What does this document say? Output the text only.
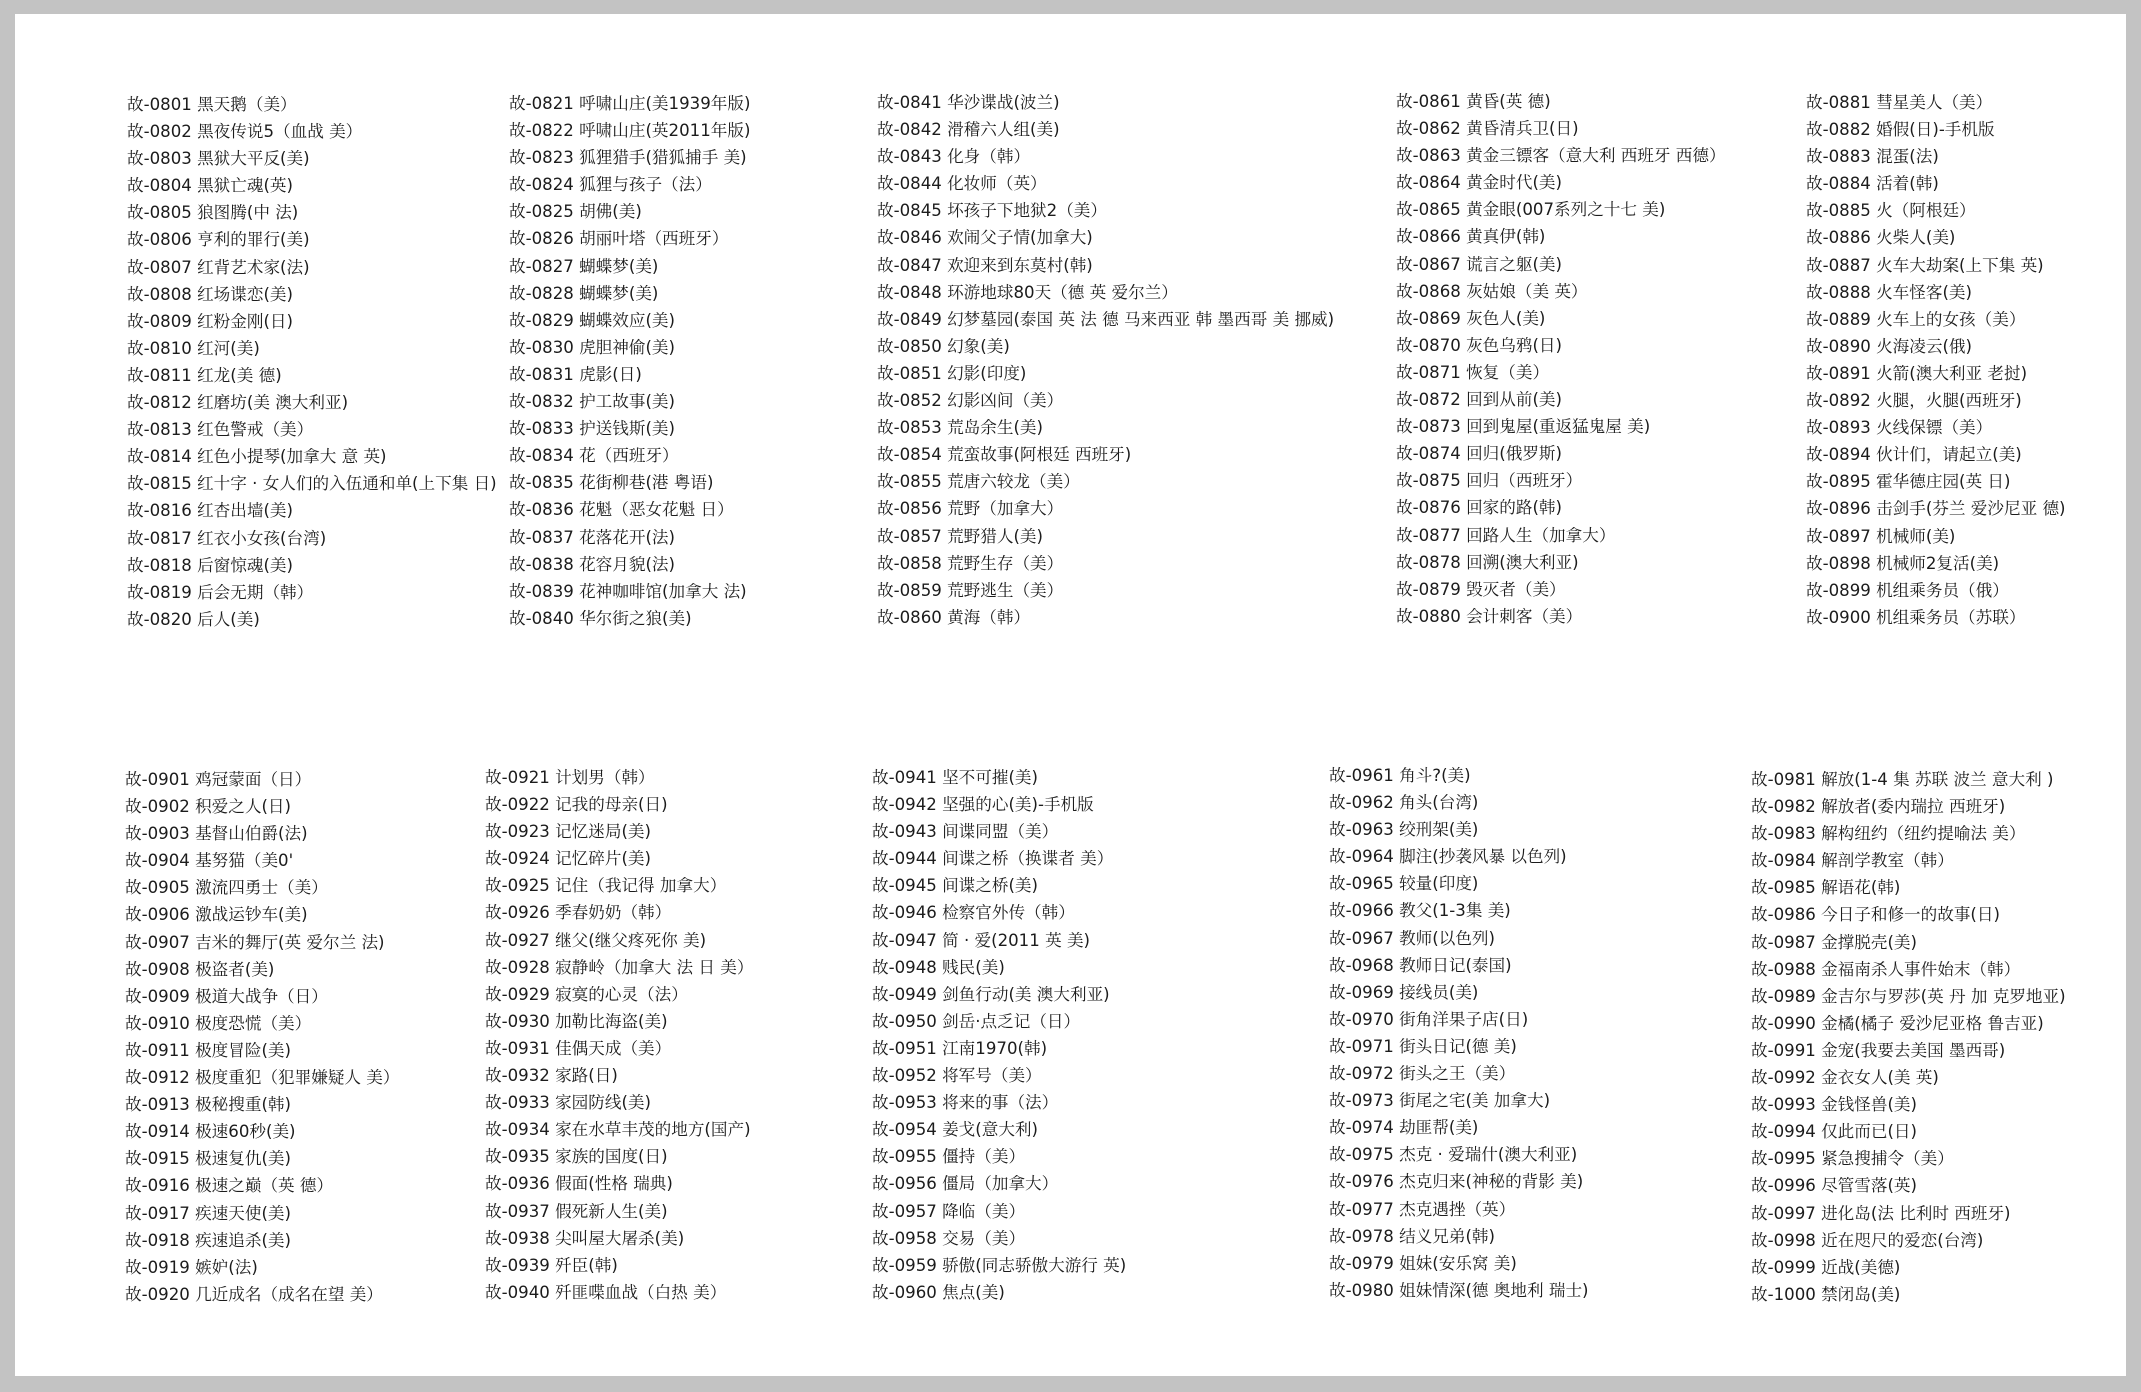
故-0801 黑天鹅（美）
故-0802 黑夜传说5（血战 美）
故-0803 黑狱大平反(美)
故-0804 黑狱亡魂(英)
故-0805 狼图腾(中 法)
故-0806 亨利的罪行(美)
故-0807 红背艺术家(法)
故-0808 红场谍恋(美)
故-0809 红粉金刚(日)
故-0810 红河(美)
故-0811 红龙(美 德)
故-0812 红磨坊(美 澳大利亚)
故-0813 红色警戒（美）
故-0814 红色小提琴(加拿大 意 英)
故-0815 红十字 · 女人们的入伍通和单(上下集 日)
故-0816 红杏出墙(美)
故-0817 红衣小女孩(台湾)
故-0818 后窗惊魂(美)
故-0819 后会无期（韩）
故-0820 后人(美)
故-0821 呼啸山庄(美1939年版)
故-0822 呼啸山庄(英2011年版)
故-0823 狐狸猎手(猎狐捕手 美)
故-0824 狐狸与孩子（法）
故-0825 胡佛(美)
故-0826 胡丽叶塔（西班牙）
故-0827 蝴蝶梦(美)
故-0828 蝴蝶梦(美)
故-0829 蝴蝶效应(美)
故-0830 虎胆神偷(美)
故-0831 虎影(日)
故-0832 护工故事(美)
故-0833 护送钱斯(美)
故-0834 花（西班牙）
故-0835 花街柳巷(港 粤语)
故-0836 花魁（恶女花魁 日）
故-0837 花落花开(法)
故-0838 花容月貌(法)
故-0839 花神咖啡馆(加拿大 法)
故-0840 华尔街之狼(美)
故-0841 华沙谍战(波兰)
故-0842 滑稽六人组(美)
故-0843 化身（韩）
故-0844 化妆师（英）
故-0845 坏孩子下地狱2（美）
故-0846 欢闹父子情(加拿大)
故-0847 欢迎来到东莫村(韩)
故-0848 环游地球80天（德 英 爱尔兰）
故-0849 幻梦墓园(泰国 英 法 德 马来西亚 韩 墨西哥 美 挪威)
故-0850 幻象(美)
故-0851 幻影(印度)
故-0852 幻影凶间（美）
故-0853 荒岛余生(美)
故-0854 荒蛮故事(阿根廷 西班牙)
故-0855 荒唐六较龙（美）
故-0856 荒野（加拿大）
故-0857 荒野猎人(美)
故-0858 荒野生存（美）
故-0859 荒野逃生（美）
故-0860 黄海（韩）
故-0861 黄昏(英 德)
故-0862 黄昏清兵卫(日)
故-0863 黄金三镖客（意大利 西班牙 西德）
故-0864 黄金时代(美)
故-0865 黄金眼(007系列之十七 美)
故-0866 黄真伊(韩)
故-0867 谎言之躯(美)
故-0868 灰姑娘（美 英）
故-0869 灰色人(美)
故-0870 灰色乌鸦(日)
故-0871 恢复（美）
故-0872 回到从前(美)
故-0873 回到鬼屋(重返猛鬼屋 美)
故-0874 回归(俄罗斯)
故-0875 回归（西班牙）
故-0876 回家的路(韩)
故-0877 回路人生（加拿大）
故-0878 回溯(澳大利亚)
故-0879 毁灭者（美）
故-0880 会计刺客（美）
故-0881 彗星美人（美）
故-0882 婚假(日)-手机版
故-0883 混蛋(法)
故-0884 活着(韩)
故-0885 火（阿根廷）
故-0886 火柴人(美)
故-0887 火车大劫案(上下集 英)
故-0888 火车怪客(美)
故-0889 火车上的女孩（美）
故-0890 火海凌云(俄)
故-0891 火箭(澳大利亚 老挝)
故-0892 火腿，火腿(西班牙)
故-0893 火线保镖（美）
故-0894 伙计们，请起立(美)
故-0895 霍华德庄园(英 日)
故-0896 击剑手(芬兰 爱沙尼亚 德)
故-0897 机械师(美)
故-0898 机械师2复活(美)
故-0899 机组乘务员（俄）
故-0900 机组乘务员（苏联）
故-0901 鸡冠蒙面（日）
故-0902 积爱之人(日)
故-0903 基督山伯爵(法)
故-0904 基努猫（美0'
故-0905 激流四勇士（美）
故-0906 激战运钞车(美)
故-0907 吉米的舞厅(英 爱尔兰 法)
故-0908 极盗者(美)
故-0909 极道大战争（日）
故-0910 极度恐慌（美）
故-0911 极度冒险(美)
故-0912 极度重犯（犯罪嫌疑人 美）
故-0913 极秘搜重(韩)
故-0914 极速60秒(美)
故-0915 极速复仇(美)
故-0916 极速之巅（英 德）
故-0917 疾速天使(美)
故-0918 疾速追杀(美)
故-0919 嫉妒(法)
故-0920 几近成名（成名在望 美）
故-0921 计划男（韩）
故-0922 记我的母亲(日)
故-0923 记忆迷局(美)
故-0924 记忆碎片(美)
故-0925 记住（我记得 加拿大）
故-0926 季春奶奶（韩）
故-0927 继父(继父疼死你 美)
故-0928 寂静岭（加拿大 法 日 美）
故-0929 寂寞的心灵（法）
故-0930 加勒比海盗(美)
故-0931 佳偶天成（美）
故-0932 家路(日)
故-0933 家园防线(美)
故-0934 家在水草丰茂的地方(国产)
故-0935 家族的国度(日)
故-0936 假面(性格 瑞典)
故-0937 假死新人生(美)
故-0938 尖叫屋大屠杀(美)
故-0939 歼臣(韩)
故-0940 歼匪喋血战（白热 美）
故-0941 坚不可摧(美)
故-0942 坚强的心(美)-手机版
故-0943 间谍同盟（美）
故-0944 间谍之桥（换谍者 美）
故-0945 间谍之桥(美)
故-0946 检察官外传（韩）
故-0947 简 · 爱(2011 英 美)
故-0948 贱民(美)
故-0949 剑鱼行动(美 澳大利亚)
故-0950 剑岳·点乏记（日）
故-0951 江南1970(韩)
故-0952 将军号（美）
故-0953 将来的事（法）
故-0954 姜戈(意大利)
故-0955 僵持（美）
故-0956 僵局（加拿大）
故-0957 降临（美）
故-0958 交易（美）
故-0959 骄傲(同志骄傲大游行 英)
故-0960 焦点(美)
故-0961 角斗?(美)
故-0962 角头(台湾)
故-0963 绞刑架(美)
故-0964 脚注(抄袭风暴 以色列)
故-0965 较量(印度)
故-0966 教父(1-3集 美)
故-0967 教师(以色列)
故-0968 教师日记(泰国)
故-0969 接线员(美)
故-0970 街角洋果子店(日)
故-0971 街头日记(德 美)
故-0972 街头之王（美）
故-0973 街尾之宅(美 加拿大)
故-0974 劫匪帮(美)
故-0975 杰克 · 爱瑞什(澳大利亚)
故-0976 杰克归来(神秘的背影 美)
故-0977 杰克遇挫（英）
故-0978 结义兄弟(韩)
故-0979 姐妹(安乐窝 美)
故-0980 姐妹情深(德 奥地利 瑞士)
故-0981 解放(1-4 集 苏联 波兰 意大利 )
故-0982 解放者(委内瑞拉 西班牙)
故-0983 解构纽约（纽约提喻法 美）
故-0984 解剖学教室（韩）
故-0985 解语花(韩)
故-0986 今日子和修一的故事(日)
故-0987 金撑脱壳(美)
故-0988 金福南杀人事件始末（韩）
故-0989 金吉尔与罗莎(英 丹 加 克罗地亚)
故-0990 金橘(橘子 爱沙尼亚格 鲁吉亚)
故-0991 金宠(我要去美国 墨西哥)
故-0992 金衣女人(美 英)
故-0993 金钱怪兽(美)
故-0994 仅此而已(日)
故-0995 紧急搜捕令（美）
故-0996 尽管雪落(英)
故-0997 进化岛(法 比利时 西班牙)
故-0998 近在咫尺的爱恋(台湾)
故-0999 近战(美德)
故-1000 禁闭岛(美)
